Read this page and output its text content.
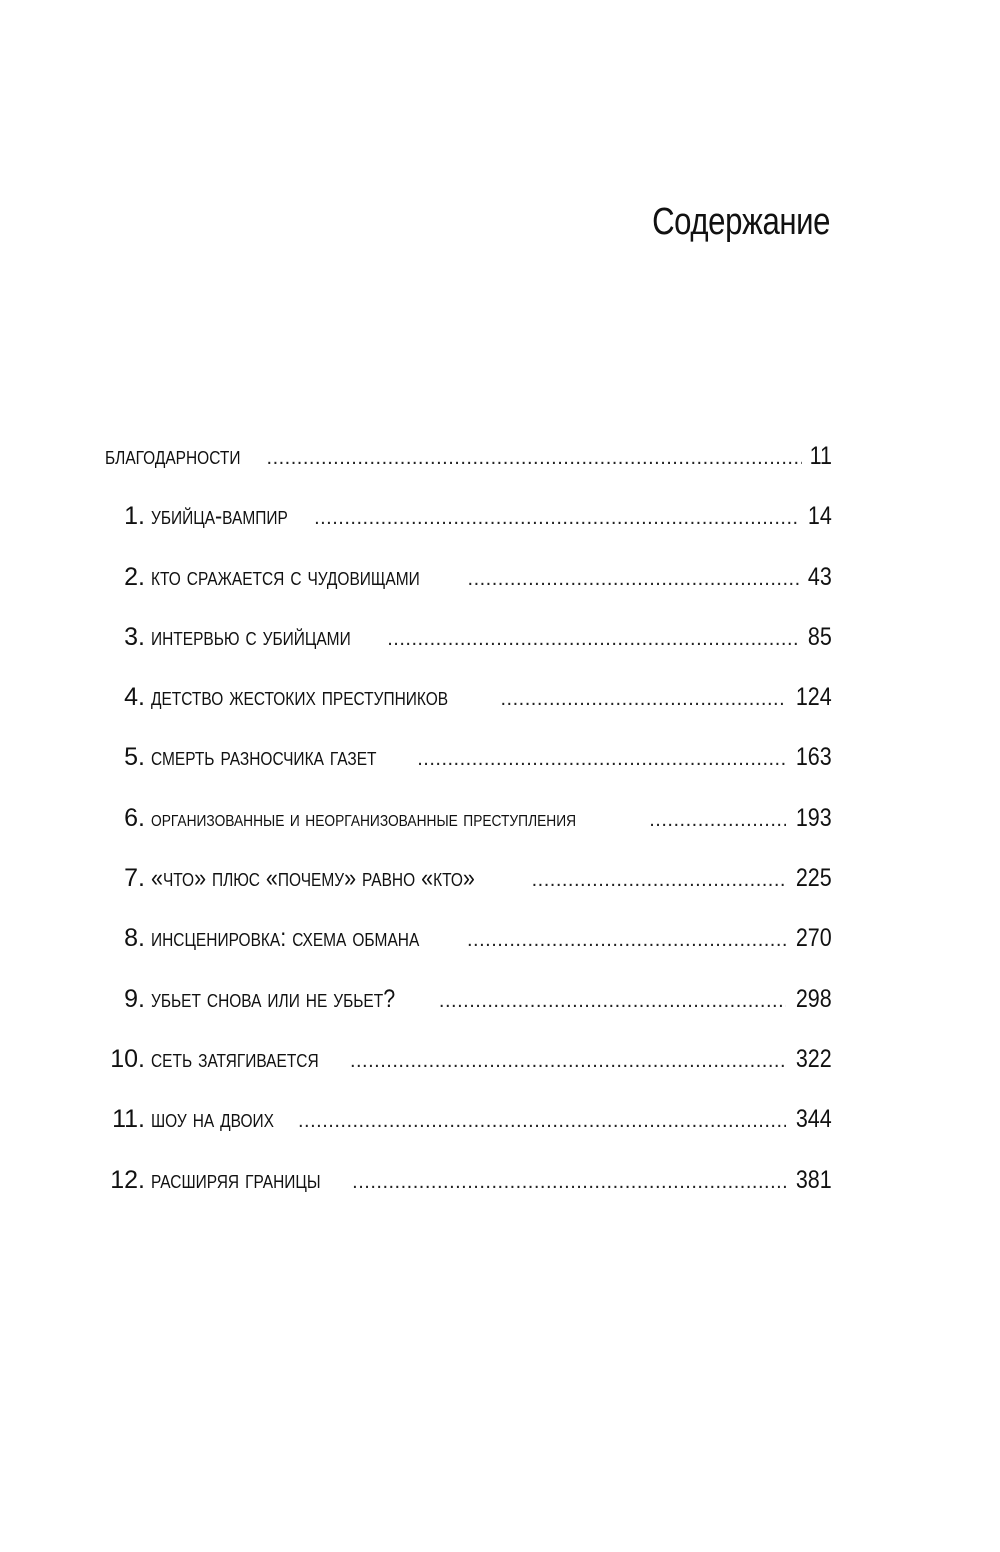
Содержание
благодарности .....	11
1. убийца-вампир .....	14
2. кто сражается с чудовищами .....	43
3. интервью с убийцами .....	85
4. детство жестоких преступников .....	124
5. смерть разносчика газет .....	163
6. организованные и неорганизованные преступления .....	193
7. «что» плюс «почему» равно «кто» .....	225
8. инсценировка: схема обмана .....	270
9. убьет снова или не убьет? .....	298
10. сеть затягивается .....	322
11. шоу на двоих .....	344
12. расширяя границы .....	381
